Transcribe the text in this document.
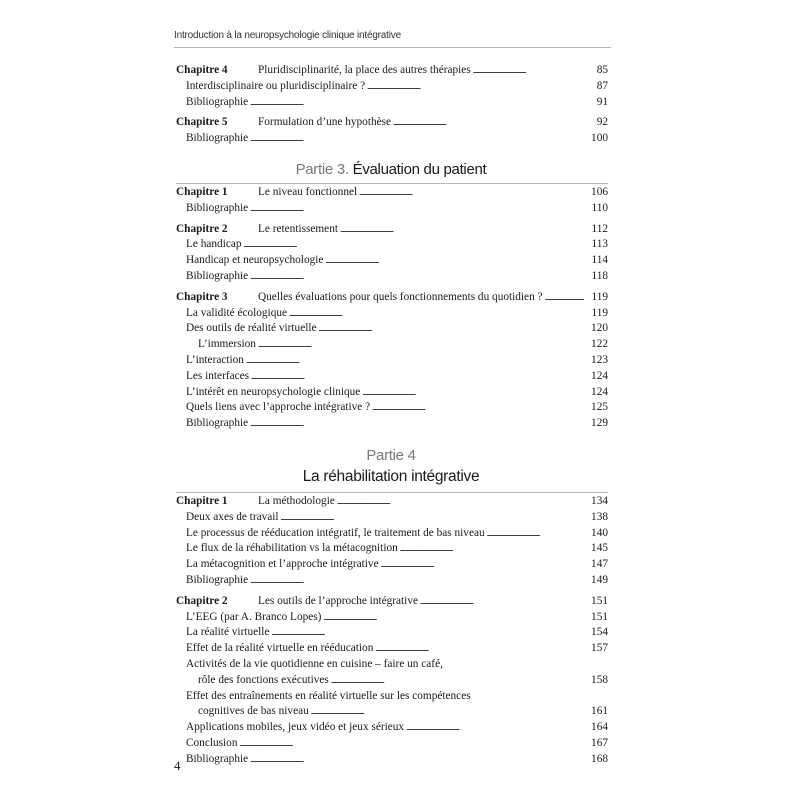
Introduction à la neuropsychologie clinique intégrative
Chapitre 4	Pluridisciplinarité, la place des autres thérapies . . .	85
Interdisciplinaire ou pluridisciplinaire ? . . .	87
Bibliographie . . .	91
Chapitre 5	Formulation d’une hypothèse . . .	92
Bibliographie . . .	100
Partie 3. Évaluation du patient
Chapitre 1	Le niveau fonctionnel . . .	106
Bibliographie . . .	110
Chapitre 2	Le retentissement . . .	112
Le handicap . . .	113
Handicap et neuropsychologie . . .	114
Bibliographie . . .	118
Chapitre 3	Quelles évaluations pour quels fonctionnements du quotidien ? . . .	119
La validité écologique . . .	119
Des outils de réalité virtuelle . . .	120
L’immersion . . .	122
L’interaction . . .	123
Les interfaces . . .	124
L’intérêt en neuropsychologie clinique . . .	124
Quels liens avec l’approche intégrative ? . . .	125
Bibliographie . . .	129
Partie 4
La réhabilitation intégrative
Chapitre 1	La méthodologie . . .	134
Deux axes de travail . . .	138
Le processus de rééducation intégratif, le traitement de bas niveau . . .	140
Le flux de la réhabilitation vs la métacognition . . .	145
La métacognition et l’approche intégrative . . .	147
Bibliographie . . .	149
Chapitre 2	Les outils de l’approche intégrative . . .	151
L’EEG (par A. Branco Lopes) . . .	151
La réalité virtuelle . . .	154
Effet de la réalité virtuelle en rééducation . . .	157
Activités de la vie quotidienne en cuisine – faire un café,
rôle des fonctions exécutives . . .	158
Effet des entraînements en réalité virtuelle sur les compétences
cognitives de bas niveau . . .	161
Applications mobiles, jeux vidéo et jeux sérieux . . .	164
Conclusion . . .	167
Bibliographie . . .	168
4
